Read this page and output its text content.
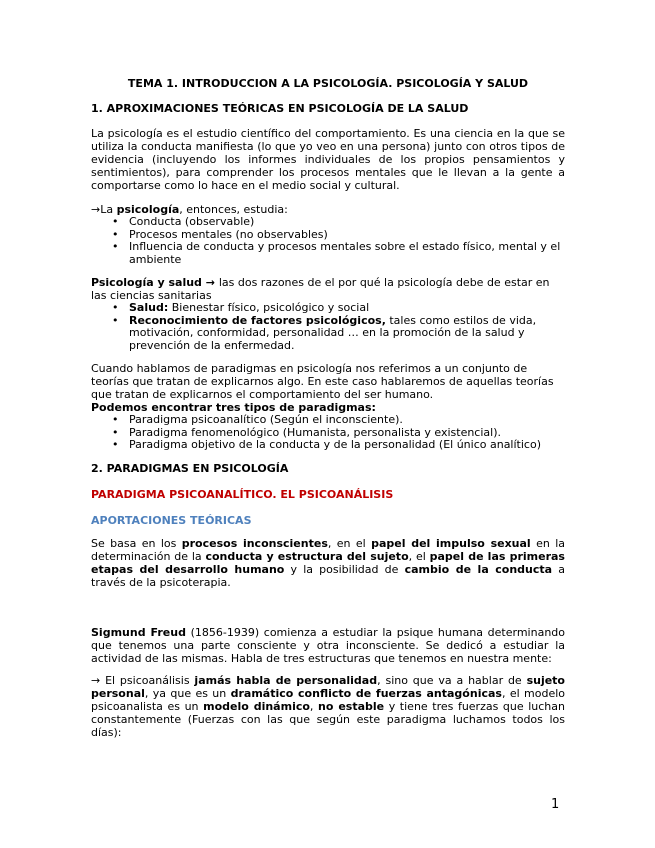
TEMA 1. INTRODUCCION A LA PSICOLOGÍA. PSICOLOGÍA Y SALUD
1. APROXIMACIONES TEÓRICAS EN PSICOLOGÍA DE LA SALUD
La psicología es el estudio científico del comportamiento. Es una ciencia en la que se utiliza la conducta manifiesta (lo que yo veo en una persona) junto con otros tipos de evidencia (incluyendo los informes individuales de los propios pensamientos y sentimientos), para comprender los procesos mentales que le llevan a la gente a comportarse como lo hace en el medio social y cultural.
→La psicología, entonces, estudia:
• Conducta (observable)
• Procesos mentales (no observables)
• Influencia de conducta y procesos mentales sobre el estado físico, mental y el ambiente
Psicología y salud → las dos razones de el por qué la psicología debe de estar en las ciencias sanitarias
• Salud: Bienestar físico, psicológico y social
• Reconocimiento de factores psicológicos, tales como estilos de vida, motivación, conformidad, personalidad … en la promoción de la salud y prevención de la enfermedad.
Cuando hablamos de paradigmas en psicología nos referimos a un conjunto de teorías que tratan de explicarnos algo. En este caso hablaremos de aquellas teorías que tratan de explicarnos el comportamiento del ser humano.
Podemos encontrar tres tipos de paradigmas:
• Paradigma psicoanalítico (Según el inconsciente).
• Paradigma fenomenológico (Humanista, personalista y existencial).
• Paradigma objetivo de la conducta y de la personalidad (El único analítico)
2. PARADIGMAS EN PSICOLOGÍA
PARADIGMA PSICOANALÍTICO. EL PSICOANÁLISIS
APORTACIONES TEÓRICAS
Se basa en los procesos inconscientes, en el papel del impulso sexual en la determinación de la conducta y estructura del sujeto, el papel de las primeras etapas del desarrollo humano y la posibilidad de cambio de la conducta a través de la psicoterapia.
Sigmund Freud (1856-1939) comienza a estudiar la psique humana determinando que tenemos una parte consciente y otra inconsciente. Se dedicó a estudiar la actividad de las mismas. Habla de tres estructuras que tenemos en nuestra mente:
→ El psicoanálisis jamás habla de personalidad, sino que va a hablar de sujeto personal, ya que es un dramático conflicto de fuerzas antagónicas, el modelo psicoanalista es un modelo dinámico, no estable y tiene tres fuerzas que luchan constantemente (Fuerzas con las que según este paradigma luchamos todos los días):
1
